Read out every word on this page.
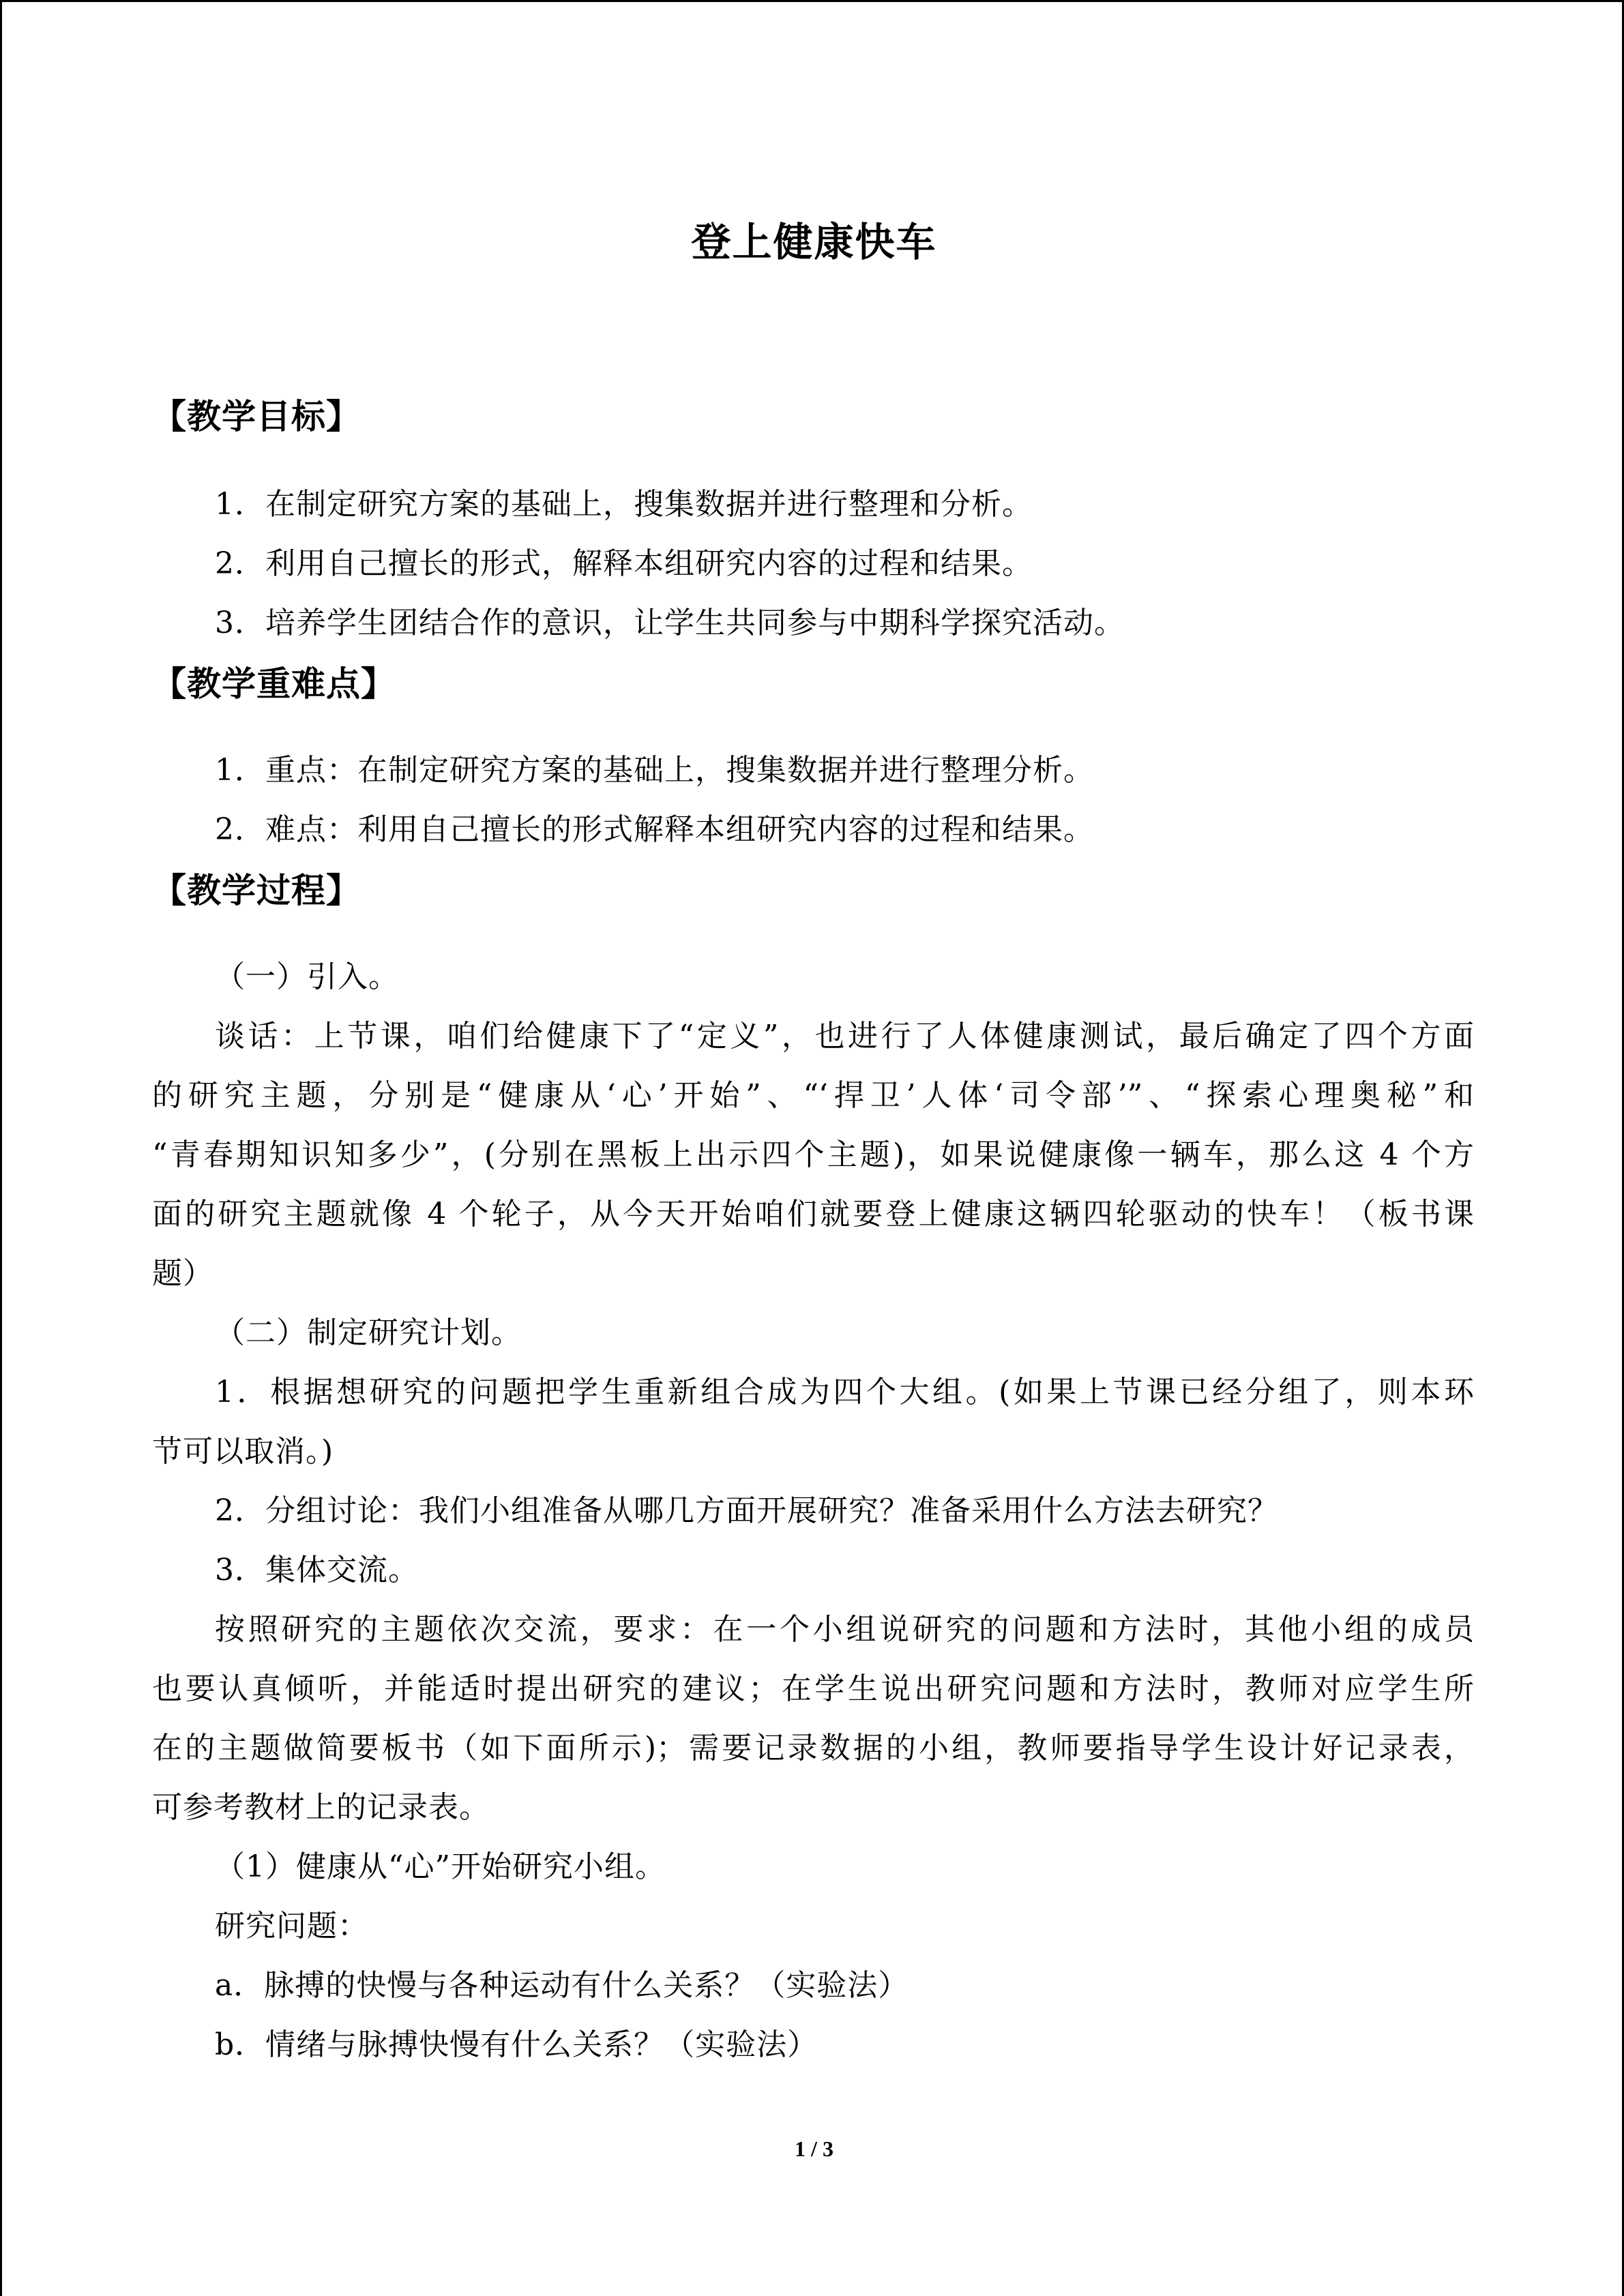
登上健康快车
【教学目标】
1．在制定研究方案的基础上，搜集数据并进行整理和分析。
2．利用自己擅长的形式，解释本组研究内容的过程和结果。
3．培养学生团结合作的意识，让学生共同参与中期科学探究活动。
【教学重难点】
1．重点：在制定研究方案的基础上，搜集数据并进行整理分析。
2．难点：利用自己擅长的形式解释本组研究内容的过程和结果。
【教学过程】
（一）引入。
谈话：上节课，咱们给健康下了“定义”，也进行了人体健康测试，最后确定了四个方面
的研究主题，分别是“健康从‘心’开始”、“‘捍卫’人体‘司令部’”、“探索心理奥秘”和
“青春期知识知多少”，(分别在黑板上出示四个主题)，如果说健康像一辆车，那么这 4 个方
面的研究主题就像 4 个轮子，从今天开始咱们就要登上健康这辆四轮驱动的快车！（板书课
题）
（二）制定研究计划。
1．根据想研究的问题把学生重新组合成为四个大组。(如果上节课已经分组了，则本环
节可以取消。)
2．分组讨论：我们小组准备从哪几方面开展研究？准备采用什么方法去研究？
3．集体交流。
按照研究的主题依次交流，要求：在一个小组说研究的问题和方法时，其他小组的成员
也要认真倾听，并能适时提出研究的建议；在学生说出研究问题和方法时，教师对应学生所
在的主题做简要板书（如下面所示)；需要记录数据的小组，教师要指导学生设计好记录表，
可参考教材上的记录表。
（1）健康从“心”开始研究小组。
研究问题：
a．脉搏的快慢与各种运动有什么关系？（实验法）
b．情绪与脉搏快慢有什么关系？（实验法）
1 / 3
